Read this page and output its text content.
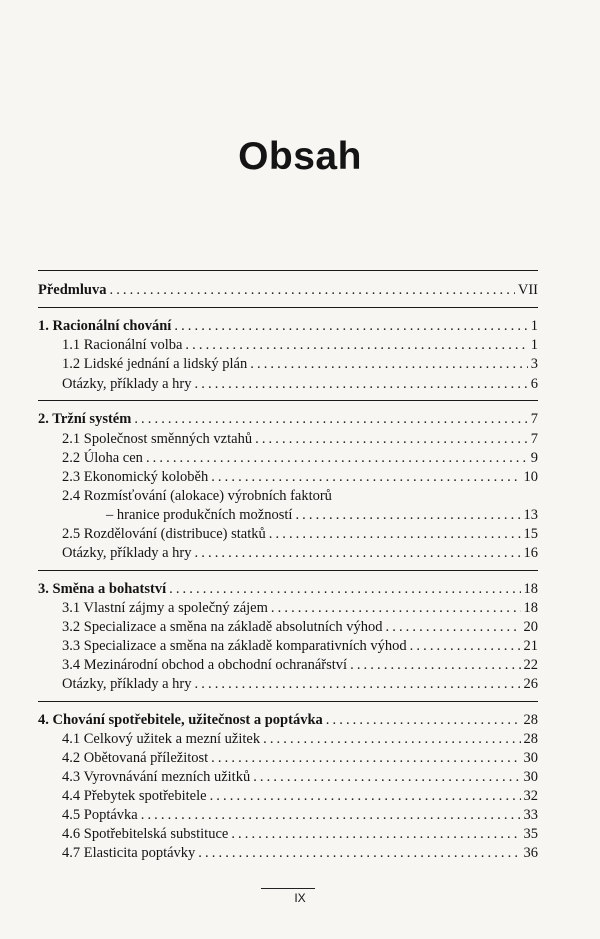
Obsah
Předmluva .....	VII
1. Racionální chování .....	1
1.1 Racionální volba .....	1
1.2 Lidské jednání a lidský plán .....	3
Otázky, příklady a hry .....	6
2. Tržní systém .....	7
2.1 Společnost směnných vztahů .....	7
2.2 Úloha cen .....	9
2.3 Ekonomický koloběh .....	10
2.4 Rozmísťování (alokace) výrobních faktorů
– hranice produkčních možností .....	13
2.5 Rozdělování (distribuce) statků .....	15
Otázky, příklady a hry .....	16
3. Směna a bohatství .....	18
3.1 Vlastní zájmy a společný zájem .....	18
3.2 Specializace a směna na základě absolutních výhod .....	20
3.3 Specializace a směna na základě komparativních výhod .....	21
3.4 Mezinárodní obchod a obchodní ochranářství .....	22
Otázky, příklady a hry .....	26
4. Chování spotřebitele, užitečnost a poptávka .....	28
4.1 Celkový užitek a mezní užitek .....	28
4.2 Obětovaná příležitost .....	30
4.3 Vyrovnávání mezních užitků .....	30
4.4 Přebytek spotřebitele .....	32
4.5 Poptávka .....	33
4.6 Spotřebitelská substituce .....	35
4.7 Elasticita poptávky .....	36
IX
